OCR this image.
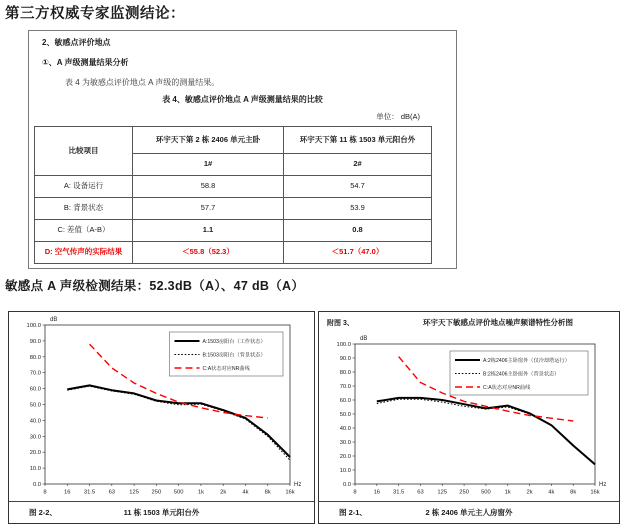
第三方权威专家监测结论：
2、敏感点评价地点
①、A 声级测量结果分析
表 4 为敏感点评价地点 A 声级的测量结果。
表 4、敏感点评价地点 A 声级测量结果的比较
单位： dB(A)
比较项目	环宇天下第 2 栋 2406 单元主卧	环宇天下第 11 栋 1503 单元阳台外
	1#	2#
A: 设备运行	58.8	54.7
B: 背景状态	57.7	53.9
C: 差值（A-B）	1.1	0.8
D: 空气传声的实际结果	＜55.8（52.3）	＜51.7（47.0）
敏感点 A 声级检测结果：52.3dB（A）、47 dB（A）
dB
0.0
10.0
20.0
30.0
40.0
50.0
60.0
70.0
80.0
90.0
100.0
8	16 31.5 63 125 250 500 1k	2k	4k	8k	16k
Hz
A:1503房阳台（工作状态）
B:1503房阳台（背景状态）
C:A状态对应NR曲线
11 栋 1503 单元阳台外
图 2-2、
附图 3、	环宇天下敏感点评价地点噪声频谱特性分析图
dB
0.0
10.0
20.0
30.0
40.0
50.0
60.0
70.0
80.0
90.0
100.0
8	16 31.5 63 125 250 500 1k	2k	4k	8k 16k
Hz
A:2栋2406主卧窗外（仅冷却塔运行）
B:2栋2406主卧窗外（背景状态）
C:A状态对应NR曲线
2 栋 2406 单元主人房窗外
图 2-1、
